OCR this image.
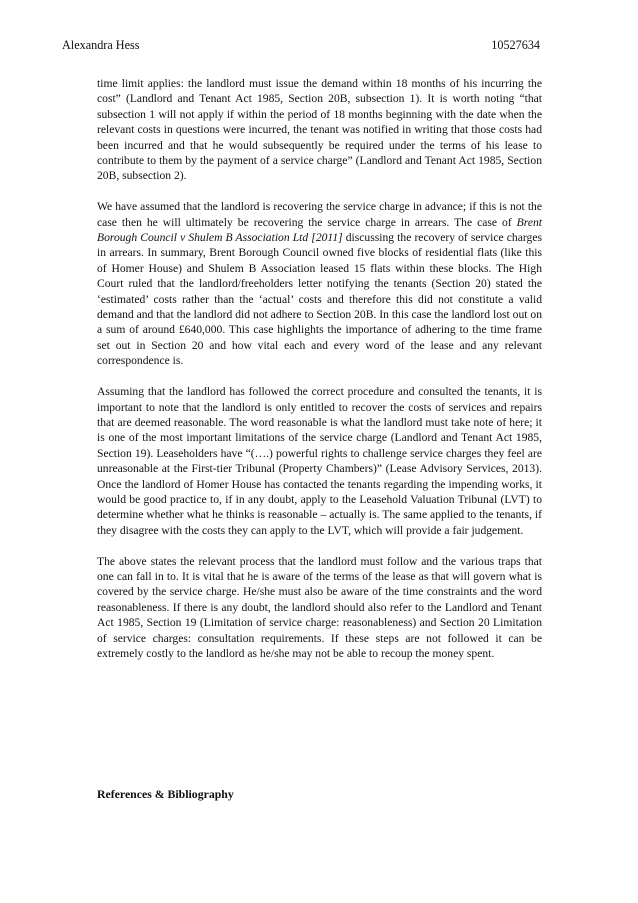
Alexandra Hess	10527634

time limit applies: the landlord must issue the demand within 18 months of his incurring the cost” (Landlord and Tenant Act 1985, Section 20B, subsection 1). It is worth noting “that subsection 1 will not apply if within the period of 18 months beginning with the date when the relevant costs in questions were incurred, the tenant was notified in writing that those costs had been incurred and that he would subsequently be required under the terms of his lease to contribute to them by the payment of a service charge” (Landlord and Tenant Act 1985, Section 20B, subsection 2).

We have assumed that the landlord is recovering the service charge in advance; if this is not the case then he will ultimately be recovering the service charge in arrears. The case of Brent Borough Council v Shulem B Association Ltd [2011] discussing the recovery of service charges in arrears. In summary, Brent Borough Council owned five blocks of residential flats (like this of Homer House) and Shulem B Association leased 15 flats within these blocks. The High Court ruled that the landlord/freeholders letter notifying the tenants (Section 20) stated the ‘estimated’ costs rather than the ‘actual’ costs and therefore this did not constitute a valid demand and that the landlord did not adhere to Section 20B. In this case the landlord lost out on a sum of around £640,000. This case highlights the importance of adhering to the time frame set out in Section 20 and how vital each and every word of the lease and any relevant correspondence is.

Assuming that the landlord has followed the correct procedure and consulted the tenants, it is important to note that the landlord is only entitled to recover the costs of services and repairs that are deemed reasonable. The word reasonable is what the landlord must take note of here; it is one of the most important limitations of the service charge (Landlord and Tenant Act 1985, Section 19). Leaseholders have “(….) powerful rights to challenge service charges they feel are unreasonable at the First-tier Tribunal (Property Chambers)” (Lease Advisory Services, 2013). Once the landlord of Homer House has contacted the tenants regarding the impending works, it would be good practice to, if in any doubt, apply to the Leasehold Valuation Tribunal (LVT) to determine whether what he thinks is reasonable – actually is. The same applied to the tenants, if they disagree with the costs they can apply to the LVT, which will provide a fair judgement.

The above states the relevant process that the landlord must follow and the various traps that one can fall in to. It is vital that he is aware of the terms of the lease as that will govern what is covered by the service charge. He/she must also be aware of the time constraints and the word reasonableness. If there is any doubt, the landlord should also refer to the Landlord and Tenant Act 1985, Section 19 (Limitation of service charge: reasonableness) and Section 20 Limitation of service charges: consultation requirements. If these steps are not followed it can be extremely costly to the landlord as he/she may not be able to recoup the money spent.

References & Bibliography
